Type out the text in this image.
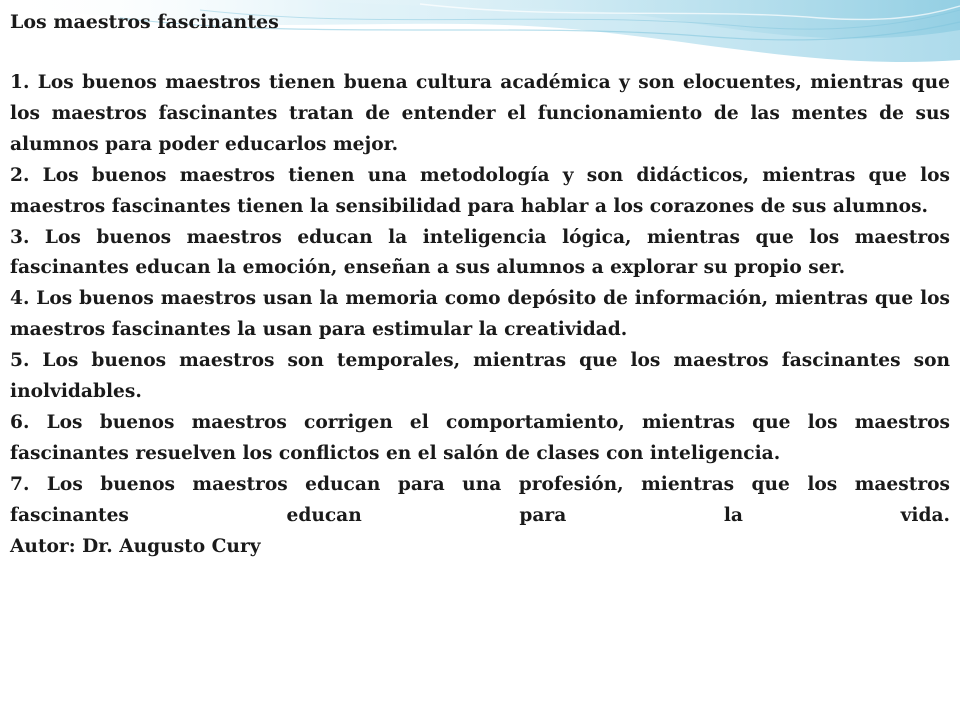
Los maestros fascinantes

1. Los buenos maestros tienen buena cultura académica y son elocuentes, mientras que los maestros fascinantes tratan de entender el funcionamiento de las mentes de sus alumnos para poder educarlos mejor.

2. Los buenos maestros tienen una metodología y son didácticos, mientras que los maestros fascinantes tienen la sensibilidad para hablar a los corazones de sus alumnos.

3. Los buenos maestros educan la inteligencia lógica, mientras que los maestros fascinantes educan la emoción, enseñan a sus alumnos a explorar su propio ser.

4. Los buenos maestros usan la memoria como depósito de información, mientras que los maestros fascinantes la usan para estimular la creatividad.

5. Los buenos maestros son temporales, mientras que los maestros fascinantes son inolvidables.

6. Los buenos maestros corrigen el comportamiento, mientras que los maestros fascinantes resuelven los conflictos en el salón de clases con inteligencia.

7. Los buenos maestros educan para una profesión, mientras que los maestros fascinantes educan para la vida.

Autor: Dr. Augusto Cury
